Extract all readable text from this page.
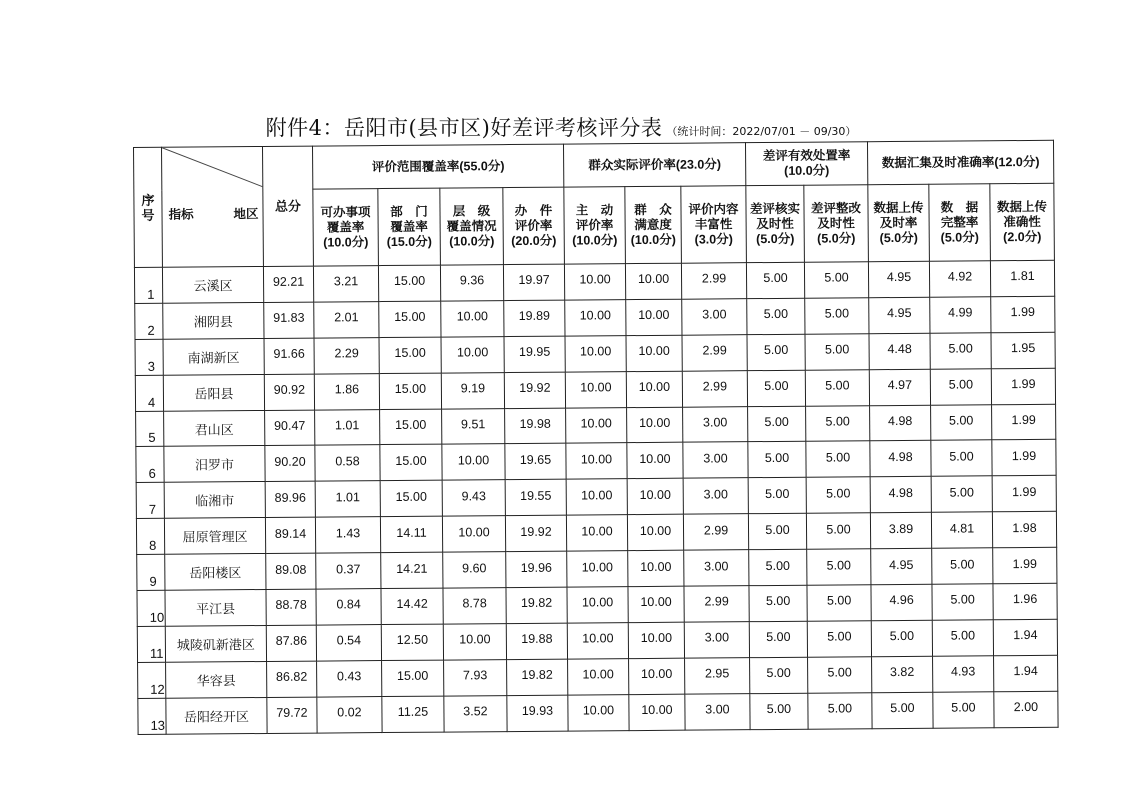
附件4：岳阳市(县市区)好差评考核评分表 （统计时间：2022/07/01 － 09/30）
序号	指标 地区	总分	评价范围覆盖率(55.0分)				群众实际评价率(23.0分)			差评有效处置率
(10.0分)		数据汇集及时准确率(12.0分)		

			可办事项
覆盖率
(10.0分)	部　门
覆盖率
(15.0分)	层　级
覆盖情况
(10.0分)	办　件
评价率
(20.0分)	主　动
评价率
(10.0分)	群　众
满意度
(10.0分)	评价内容
丰富性
(3.0分)	差评核实
及时性
(5.0分)	差评整改
及时性
(5.0分)	数据上传
及时率
(5.0分)	数　据
完整率
(5.0分)	数据上传
准确性
(2.0分)

1	云溪区	92.21	3.21	15.00	9.36	19.97	10.00	10.00	2.99	5.00	5.00	4.95	4.92	1.81
2	湘阴县	91.83	2.01	15.00	10.00	19.89	10.00	10.00	3.00	5.00	5.00	4.95	4.99	1.99
3	南湖新区	91.66	2.29	15.00	10.00	19.95	10.00	10.00	2.99	5.00	5.00	4.48	5.00	1.95
4	岳阳县	90.92	1.86	15.00	9.19	19.92	10.00	10.00	2.99	5.00	5.00	4.97	5.00	1.99
5	君山区	90.47	1.01	15.00	9.51	19.98	10.00	10.00	3.00	5.00	5.00	4.98	5.00	1.99
6	汨罗市	90.20	0.58	15.00	10.00	19.65	10.00	10.00	3.00	5.00	5.00	4.98	5.00	1.99
7	临湘市	89.96	1.01	15.00	9.43	19.55	10.00	10.00	3.00	5.00	5.00	4.98	5.00	1.99
8	屈原管理区	89.14	1.43	14.11	10.00	19.92	10.00	10.00	2.99	5.00	5.00	3.89	4.81	1.98
9	岳阳楼区	89.08	0.37	14.21	9.60	19.96	10.00	10.00	3.00	5.00	5.00	4.95	5.00	1.99
10	平江县	88.78	0.84	14.42	8.78	19.82	10.00	10.00	2.99	5.00	5.00	4.96	5.00	1.96
11	城陵矶新港区	87.86	0.54	12.50	10.00	19.88	10.00	10.00	3.00	5.00	5.00	5.00	5.00	1.94
12	华容县	86.82	0.43	15.00	7.93	19.82	10.00	10.00	2.95	5.00	5.00	3.82	4.93	1.94
13	岳阳经开区	79.72	0.02	11.25	3.52	19.93	10.00	10.00	3.00	5.00	5.00	5.00	5.00	2.00
